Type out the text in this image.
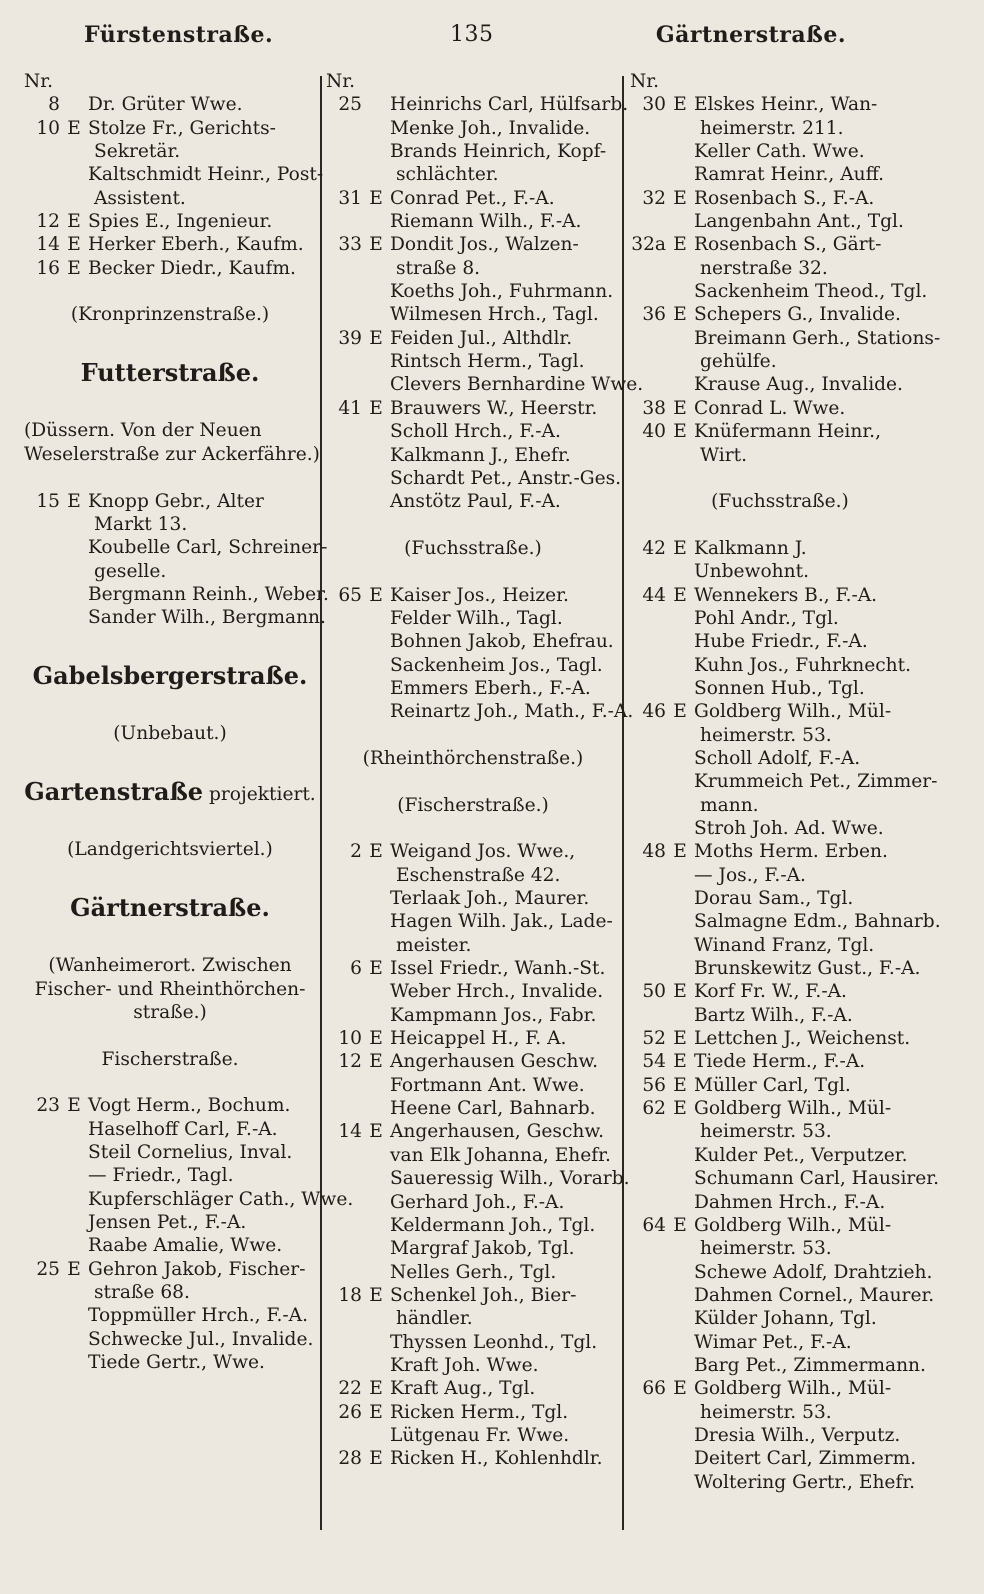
Fürstenstraße.	135	Gärtnerstraße.
Nr.
8 Dr. Grüter Wwe.
10 E Stolze Fr., Gerichts-
Sekretär.
Kaltschmidt Heinr., Post-
Assistent.
12 E Spies E., Ingenieur.
14 E Herker Eberh., Kaufm.
16 E Becker Diedr., Kaufm.
(Kronprinzenstraße.)
Futterstraße.
(Düssern. Von der Neuen
Weselerstraße zur Ackerfähre.)
15 E Knopp Gebr., Alter
Markt 13.
Koubelle Carl, Schreiner-
geselle.
Bergmann Reinh., Weber.
Sander Wilh., Bergmann.
Gabelsbergerstraße.
(Unbebaut.)
Gartenstraße projektiert.
(Landgerichtsviertel.)
Gärtnerstraße.
(Wanheimerort. Zwischen
Fischer- und Rheinthörchen-
straße.)
Fischerstraße.
23 E Vogt Herm., Bochum.
Haselhoff Carl, F.-A.
Steil Cornelius, Inval.
— Friedr., Tagl.
Kupferschläger Cath., Wwe.
Jensen Pet., F.-A.
Raabe Amalie, Wwe.
25 E Gehron Jakob, Fischer-
straße 68.
Toppmüller Hrch., F.-A.
Schwecke Jul., Invalide.
Tiede Gertr., Wwe.
Nr.
25 Heinrichs Carl, Hülfsarb.
Menke Joh., Invalide.
Brands Heinrich, Kopf-
schlächter.
31 E Conrad Pet., F.-A.
Riemann Wilh., F.-A.
33 E Dondit Jos., Walzen-
straße 8.
Koeths Joh., Fuhrmann.
Wilmesen Hrch., Tagl.
39 E Feiden Jul., Althdlr.
Rintsch Herm., Tagl.
Clevers Bernhardine Wwe.
41 E Brauwers W., Heerstr.
Scholl Hrch., F.-A.
Kalkmann J., Ehefr.
Schardt Pet., Anstr.-Ges.
Anstötz Paul, F.-A.
(Fuchsstraße.)
65 E Kaiser Jos., Heizer.
Felder Wilh., Tagl.
Bohnen Jakob, Ehefrau.
Sackenheim Jos., Tagl.
Emmers Eberh., F.-A.
Reinartz Joh., Math., F.-A.
(Rheinthörchenstraße.)
(Fischerstraße.)
2 E Weigand Jos. Wwe.,
Eschenstraße 42.
Terlaak Joh., Maurer.
Hagen Wilh. Jak., Lade-
meister.
6 E Issel Friedr., Wanh.-St.
Weber Hrch., Invalide.
Kampmann Jos., Fabr.
10 E Heicappel H., F. A.
12 E Angerhausen Geschw.
Fortmann Ant. Wwe.
Heene Carl, Bahnarb.
14 E Angerhausen, Geschw.
van Elk Johanna, Ehefr.
Saueressig Wilh., Vorarb.
Gerhard Joh., F.-A.
Keldermann Joh., Tgl.
Margraf Jakob, Tgl.
Nelles Gerh., Tgl.
18 E Schenkel Joh., Bier-
händler.
Thyssen Leonhd., Tgl.
Kraft Joh. Wwe.
22 E Kraft Aug., Tgl.
26 E Ricken Herm., Tgl.
Lütgenau Fr. Wwe.
28 E Ricken H., Kohlenhdlr.
Nr.
30 E Elskes Heinr., Wan-
heimerstr. 211.
Keller Cath. Wwe.
Ramrat Heinr., Auff.
32 E Rosenbach S., F.-A.
Langenbahn Ant., Tgl.
32a E Rosenbach S., Gärt-
nerstraße 32.
Sackenheim Theod., Tgl.
36 E Schepers G., Invalide.
Breimann Gerh., Stations-
gehülfe.
Krause Aug., Invalide.
38 E Conrad L. Wwe.
40 E Knüfermann Heinr.,
Wirt.
(Fuchsstraße.)
42 E Kalkmann J.
Unbewohnt.
44 E Wennekers B., F.-A.
Pohl Andr., Tgl.
Hube Friedr., F.-A.
Kuhn Jos., Fuhrknecht.
Sonnen Hub., Tgl.
46 E Goldberg Wilh., Mül-
heimerstr. 53.
Scholl Adolf, F.-A.
Krummeich Pet., Zimmer-
mann.
Stroh Joh. Ad. Wwe.
48 E Moths Herm. Erben.
— Jos., F.-A.
Dorau Sam., Tgl.
Salmagne Edm., Bahnarb.
Winand Franz, Tgl.
Brunskewitz Gust., F.-A.
50 E Korf Fr. W., F.-A.
Bartz Wilh., F.-A.
52 E Lettchen J., Weichenst.
54 E Tiede Herm., F.-A.
56 E Müller Carl, Tgl.
62 E Goldberg Wilh., Mül-
heimerstr. 53.
Kulder Pet., Verputzer.
Schumann Carl, Hausirer.
Dahmen Hrch., F.-A.
64 E Goldberg Wilh., Mül-
heimerstr. 53.
Schewe Adolf, Drahtzieh.
Dahmen Cornel., Maurer.
Külder Johann, Tgl.
Wimar Pet., F.-A.
Barg Pet., Zimmermann.
66 E Goldberg Wilh., Mül-
heimerstr. 53.
Dresia Wilh., Verputz.
Deitert Carl, Zimmerm.
Woltering Gertr., Ehefr.
